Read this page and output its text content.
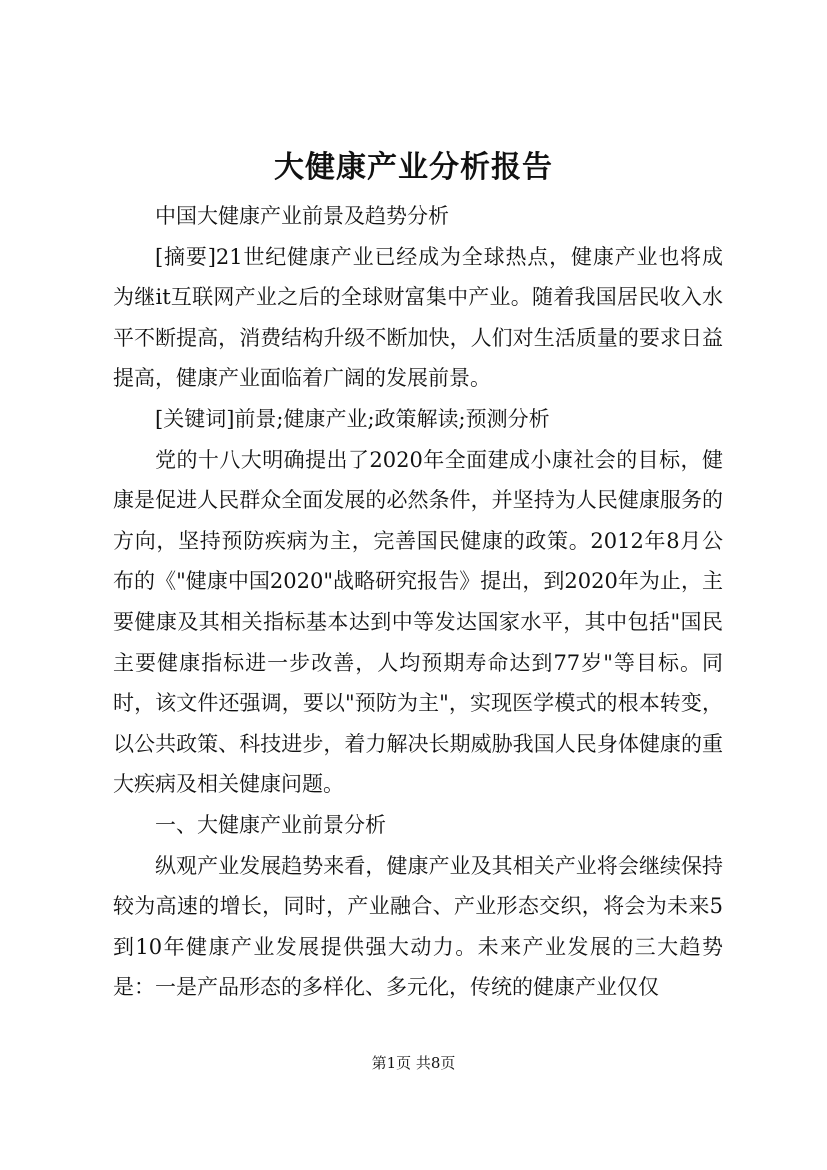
大健康产业分析报告

中国大健康产业前景及趋势分析

[摘要]21世纪健康产业已经成为全球热点，健康产业也将成为继it互联网产业之后的全球财富集中产业。随着我国居民收入水平不断提高，消费结构升级不断加快，人们对生活质量的要求日益提高，健康产业面临着广阔的发展前景。

[关键词]前景;健康产业;政策解读;预测分析

党的十八大明确提出了2020年全面建成小康社会的目标，健康是促进人民群众全面发展的必然条件，并坚持为人民健康服务的方向，坚持预防疾病为主，完善国民健康的政策。2012年8月公布的《"健康中国2020"战略研究报告》提出，到2020年为止，主要健康及其相关指标基本达到中等发达国家水平，其中包括"国民主要健康指标进一步改善，人均预期寿命达到77岁"等目标。同时，该文件还强调，要以"预防为主"，实现医学模式的根本转变，以公共政策、科技进步，着力解决长期威胁我国人民身体健康的重大疾病及相关健康问题。

一、大健康产业前景分析

纵观产业发展趋势来看，健康产业及其相关产业将会继续保持较为高速的增长，同时，产业融合、产业形态交织，将会为未来5到10年健康产业发展提供强大动力。未来产业发展的三大趋势是：一是产品形态的多样化、多元化，传统的健康产业仅仅

第1页 共8页
